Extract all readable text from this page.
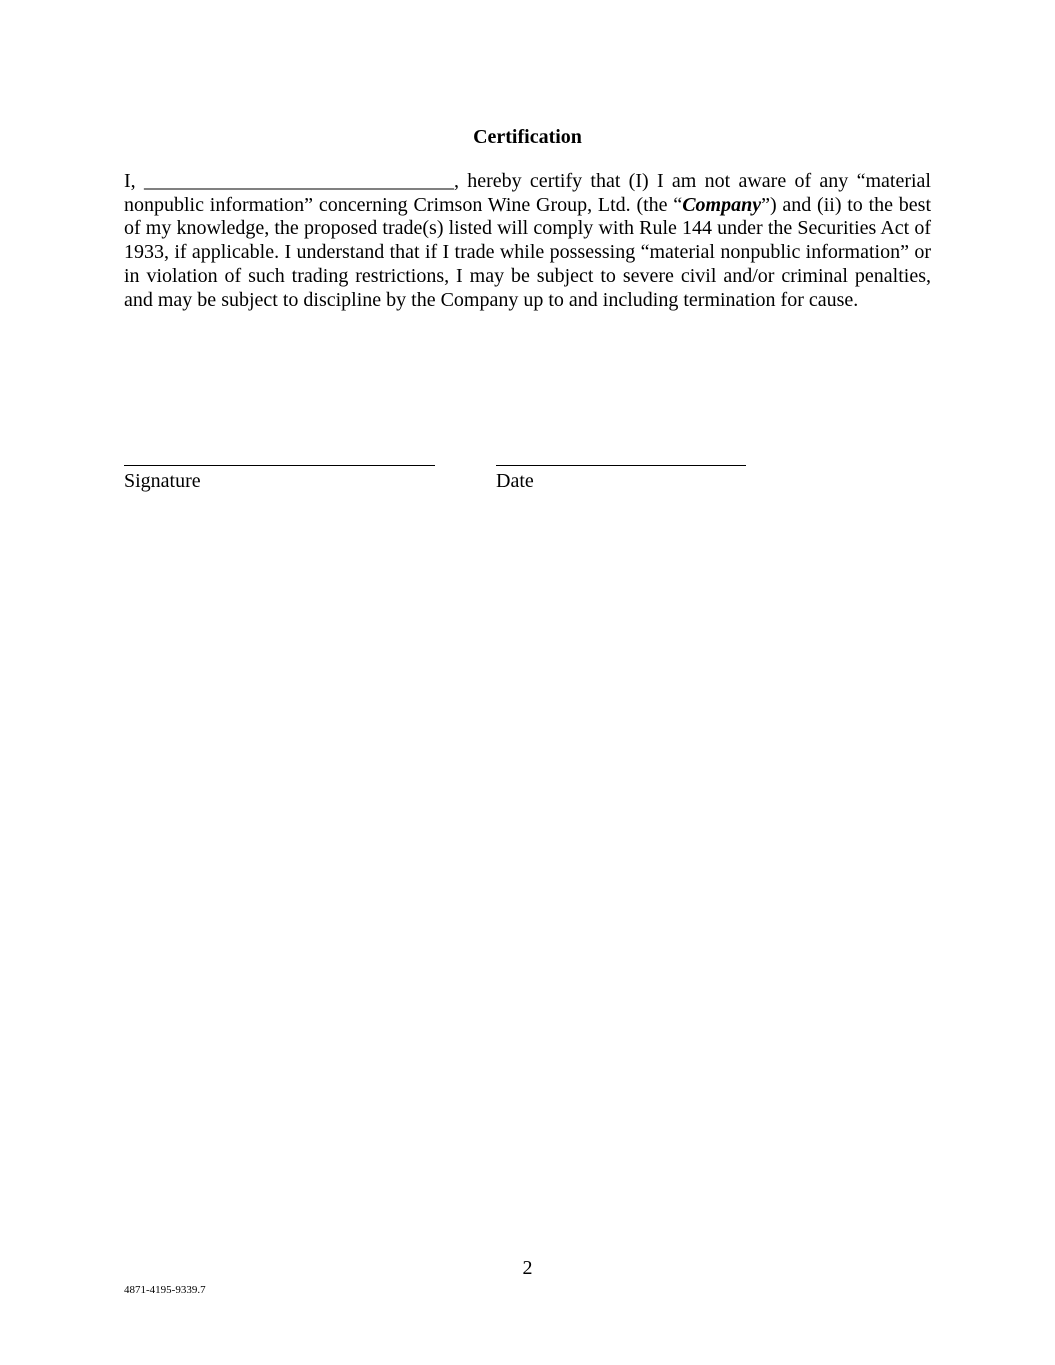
Certification

I, _______________________________, hereby certify that (I) I am not aware of any “material nonpublic information” concerning Crimson Wine Group, Ltd. (the “Company”) and (ii) to the best of my knowledge, the proposed trade(s) listed will comply with Rule 144 under the Securities Act of 1933, if applicable. I understand that if I trade while possessing “material nonpublic information” or in violation of such trading restrictions, I may be subject to severe civil and/or criminal penalties, and may be subject to discipline by the Company up to and including termination for cause.

Signature	Date
2
4871-4195-9339.7
